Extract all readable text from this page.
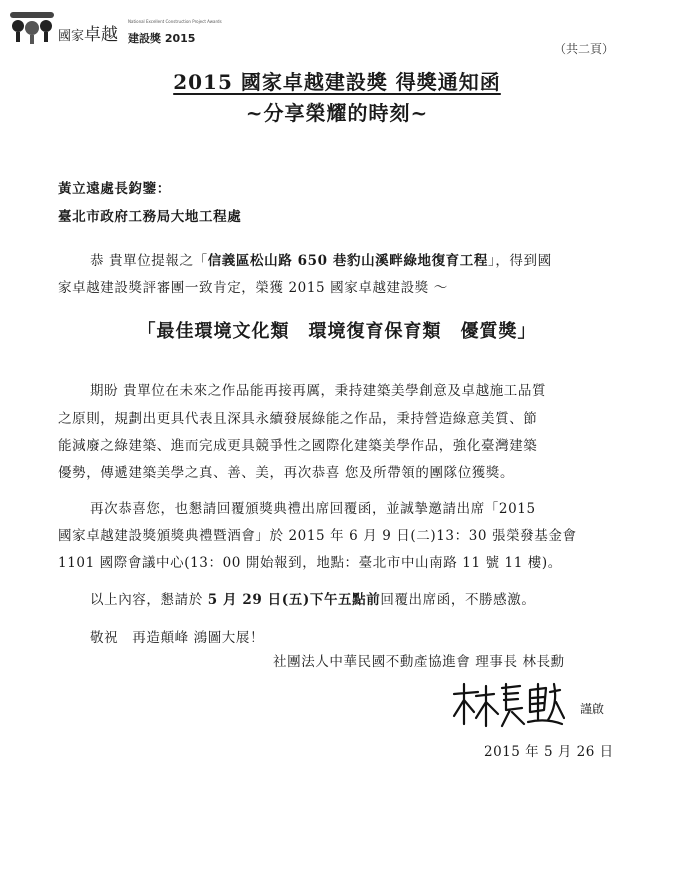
國家卓越
National Excellent Construction Project Awards
建設獎 2015
（共二頁）
2015 國家卓越建設獎 得獎通知函
~分享榮耀的時刻~
黃立遠處長鈞鑒：
臺北市政府工務局大地工程處
恭 貴單位提報之「信義區松山路 650 巷豹山溪畔綠地復育工程」，得到國
家卓越建設獎評審團一致肯定，榮獲 2015 國家卓越建設獎 ～
「最佳環境文化類　環境復育保育類　優質獎」
期盼 貴單位在未來之作品能再接再厲，秉持建築美學創意及卓越施工品質
之原則，規劃出更具代表且深具永續發展綠能之作品，秉持營造綠意美質、節
能減廢之綠建築、進而完成更具競爭性之國際化建築美學作品，強化臺灣建築
優勢，傳遞建築美學之真、善、美，再次恭喜 您及所帶領的團隊位獲獎。
再次恭喜您，也懇請回覆頒獎典禮出席回覆函，並誠摯邀請出席「2015
國家卓越建設獎頒獎典禮暨酒會」於 2015 年 6 月 9 日(二)13：30 張榮發基金會
1101 國際會議中心(13：00 開始報到，地點：臺北市中山南路 11 號 11 樓)。
以上內容，懇請於 5 月 29 日(五)下午五點前回覆出席函，不勝感激。
敬祝　再造顛峰 鴻圖大展！
社團法人中華民國不動產協進會 理事長 林長勳
謹啟
2015 年 5 月 26 日
